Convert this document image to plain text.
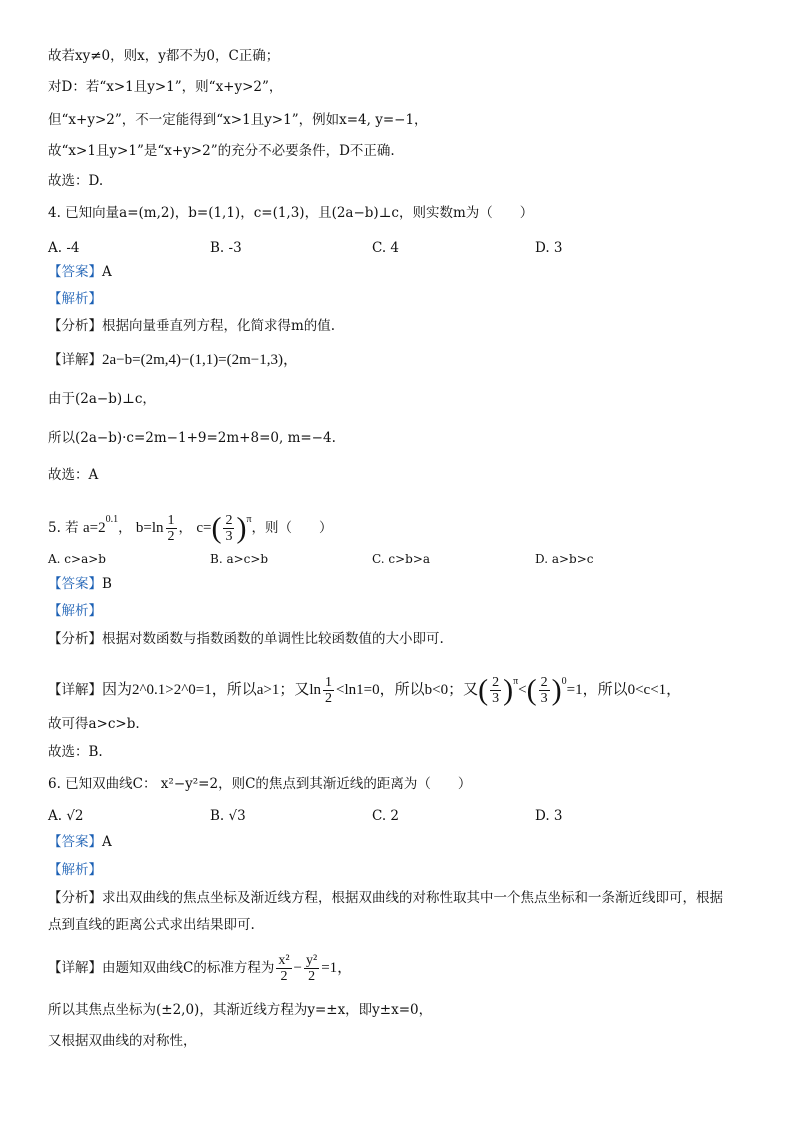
故若xy≠0，则x，y都不为0，C正确；
对D：若“x>1且y>1”，则“x+y>2”，
但“x+y>2”，不一定能得到“x>1且y>1”，例如x=4, y=−1，
故“x>1且y>1”是“x+y>2”的充分不必要条件，D不正确.
故选：D.
4. 已知向量a=(m,2)，b=(1,1)，c=(1,3)，且(2a−b)⊥c，则实数m为（　　）
A. -4	B. -3	C. 4	D. 3
【答案】A
【解析】
【分析】根据向量垂直列方程，化简求得m的值.
【详解】2a−b=(2m,4)−(1,1)=(2m−1,3)，
由于(2a−b)⊥c，
所以(2a−b)·c=2m−1+9=2m+8=0, m=−4.
故选：A
5. 若 $a=2^{0.1}$， $b=\ln \frac{1}{2}$ ， $c=( \frac{2}{3} )^\pi$，则（　　）
A. c>a>b	B. a>c>b	C. c>b>a	D. a>b>c
【答案】B
【解析】
【分析】根据对数函数与指数函数的单调性比较函数值的大小即可.
【详解】因为2^0.1>2^0=1，所以a>1；又$\ln \frac{1}{2} <\ln 1=0$，所以b<0；又( $\frac{2}{3} )^\pi<( \frac{2}{3} )^0=1$，所以0<c<1，
故可得a>c>b.
故选：B.
6. 已知双曲线C： x²−y²=2，则C的焦点到其渐近线的距离为（　　）
A. √2	B. √3	C. 2	D. 3
【答案】A
【解析】
【分析】求出双曲线的焦点坐标及渐近线方程，根据双曲线的对称性取其中一个焦点坐标和一条渐近线即可，根据
点到直线的距离公式求出结果即可.
【详解】由题知双曲线C的标准方程为 $\frac{\text{x²}}{2} - \frac{\text{y²}}{2} =1$，
所以其焦点坐标为(±2,0)，其渐近线方程为y=±x，即y±x=0，
又根据双曲线的对称性，
